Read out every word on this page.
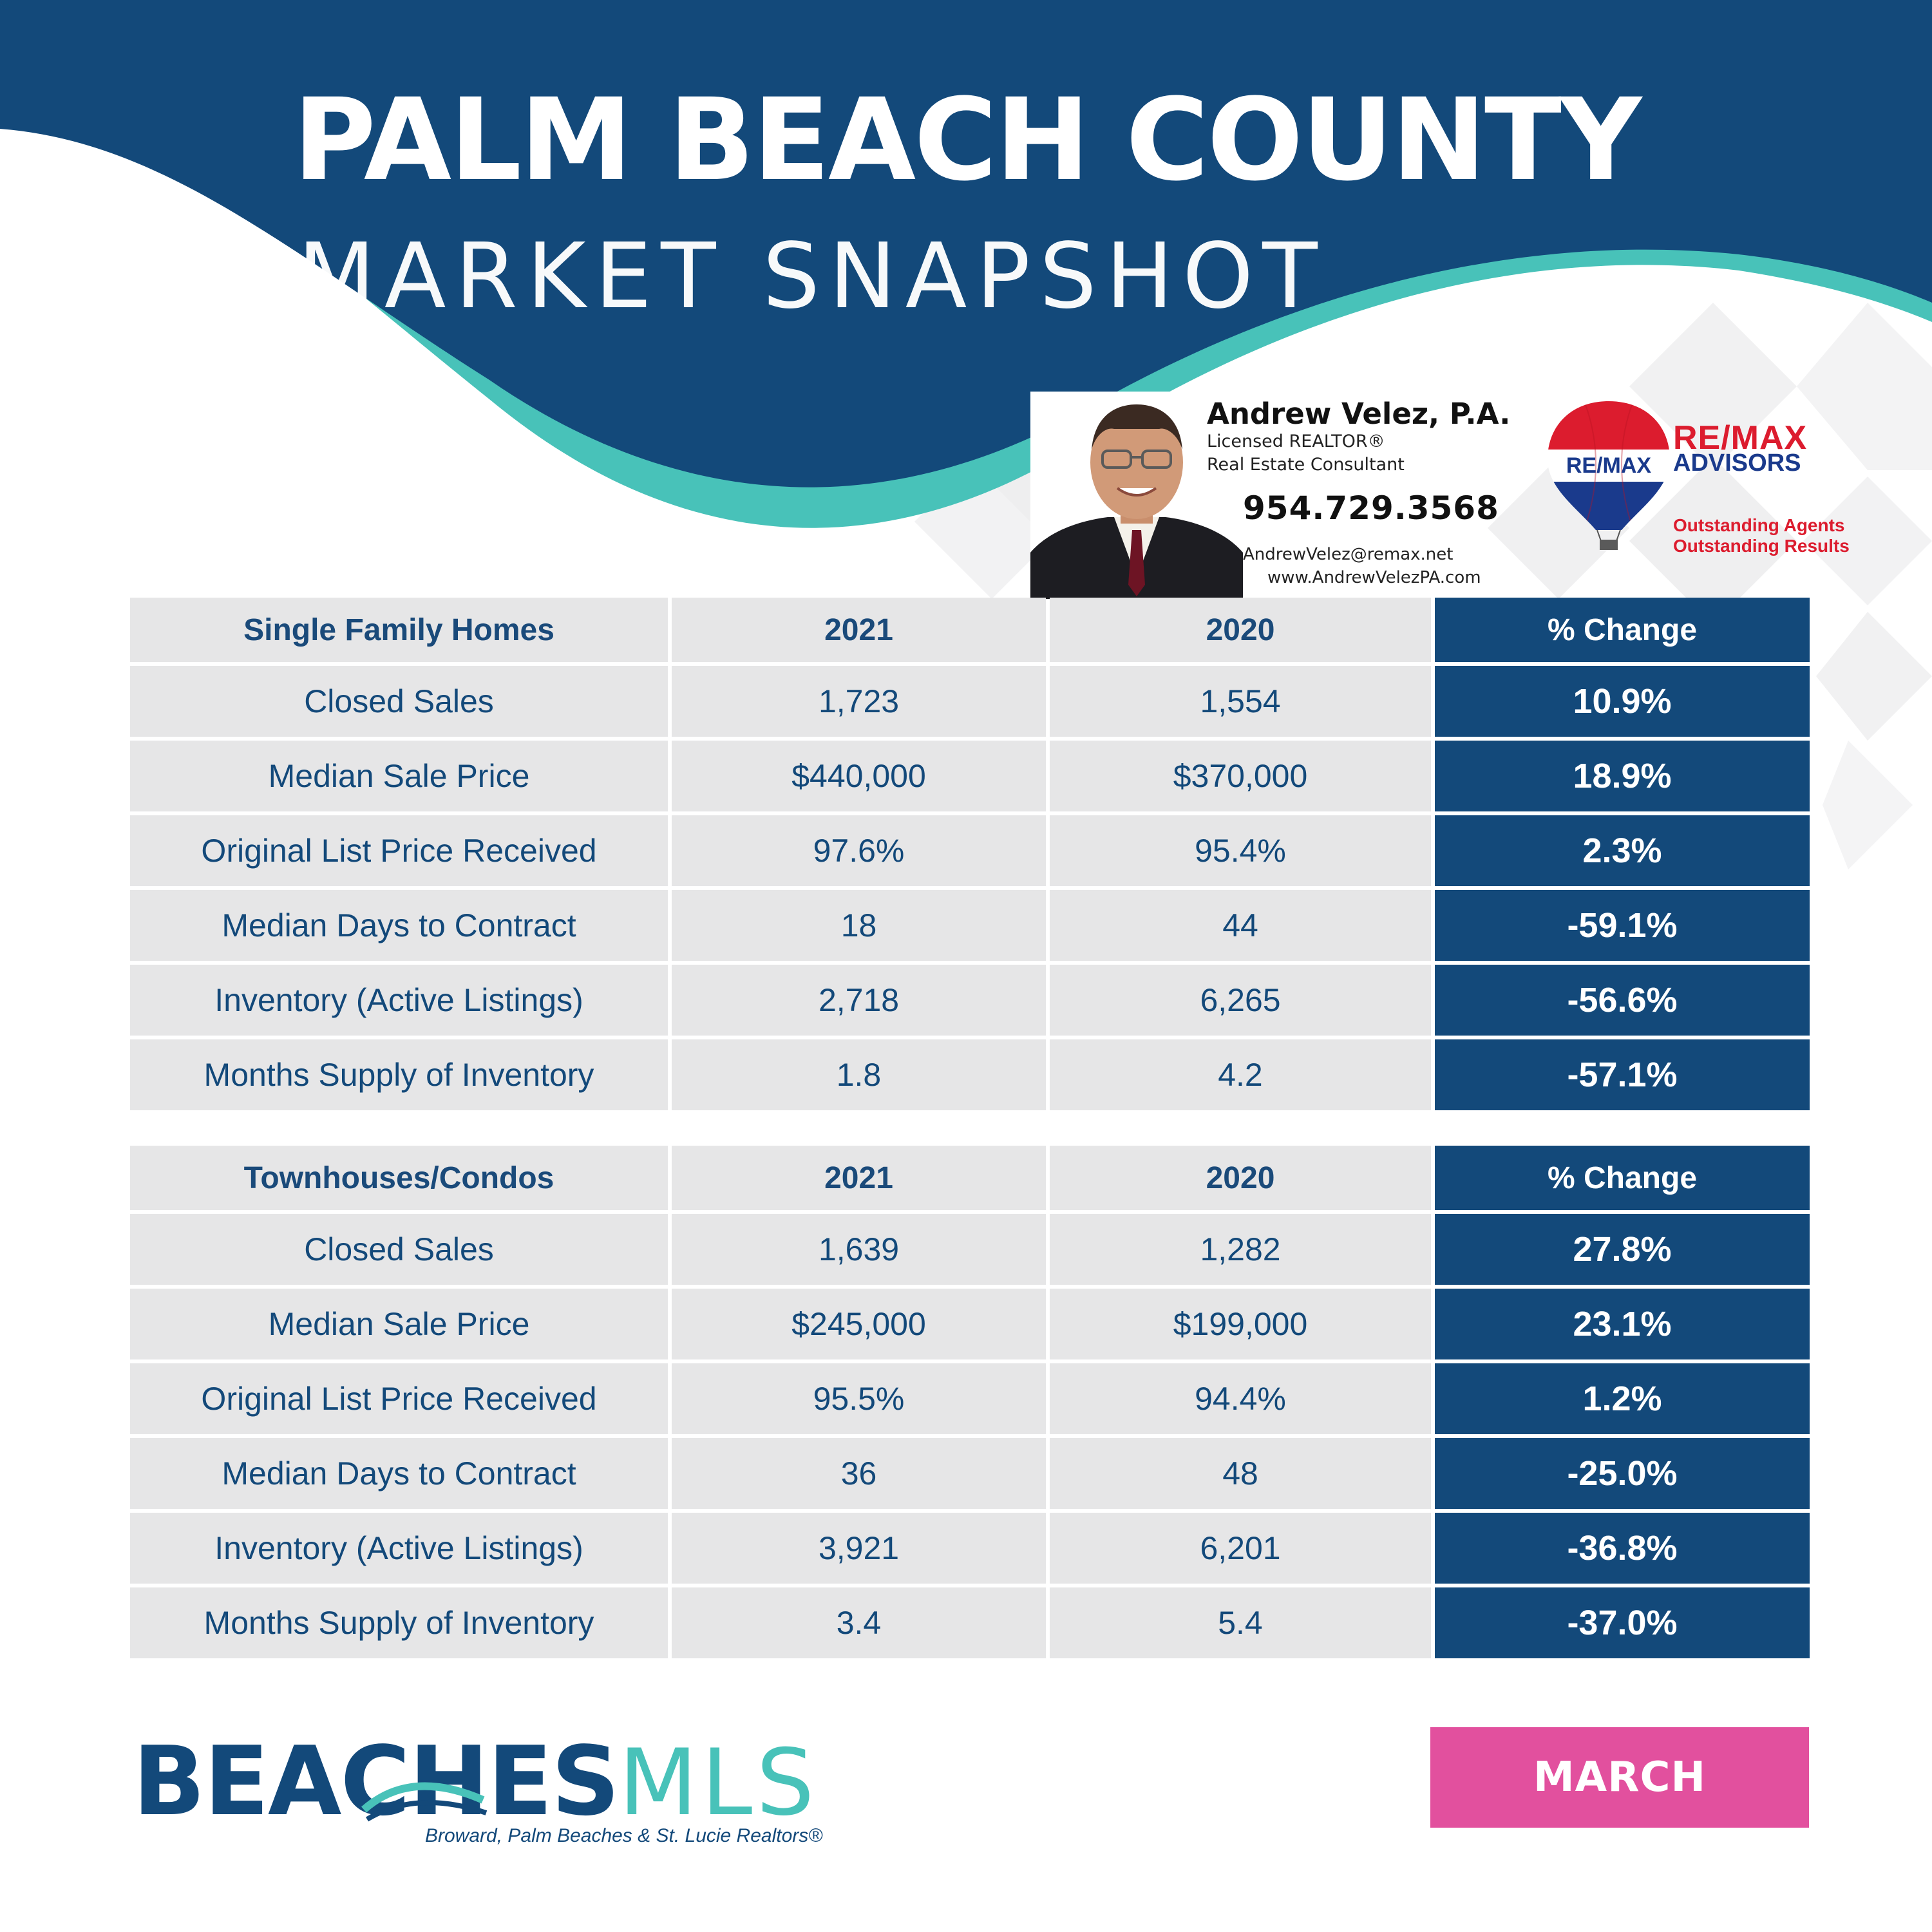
PALM BEACH COUNTY
MARKET SNAPSHOT
Andrew Velez, P.A.
Licensed REALTOR®
Real Estate Consultant
954.729.3568
AndrewVelez@remax.net
www.AndrewVelezPA.com
RE/MAX
RE/MAX
ADVISORS
Outstanding Agents
Outstanding Results
Single Family Homes	2021	2020	% Change
Closed Sales	1,723	1,554	10.9%
Median Sale Price	$440,000	$370,000	18.9%
Original List Price Received	97.6%	95.4%	2.3%
Median Days to Contract	18	44	-59.1%
Inventory (Active Listings)	2,718	6,265	-56.6%
Months Supply of Inventory	1.8	4.2	-57.1%
Townhouses/Condos	2021	2020	% Change
Closed Sales	1,639	1,282	27.8%
Median Sale Price	$245,000	$199,000	23.1%
Original List Price Received	95.5%	94.4%	1.2%
Median Days to Contract	36	48	-25.0%
Inventory (Active Listings)	3,921	6,201	-36.8%
Months Supply of Inventory	3.4	5.4	-37.0%
BEACHESMLS
Broward, Palm Beaches & St. Lucie Realtors®
MARCH
